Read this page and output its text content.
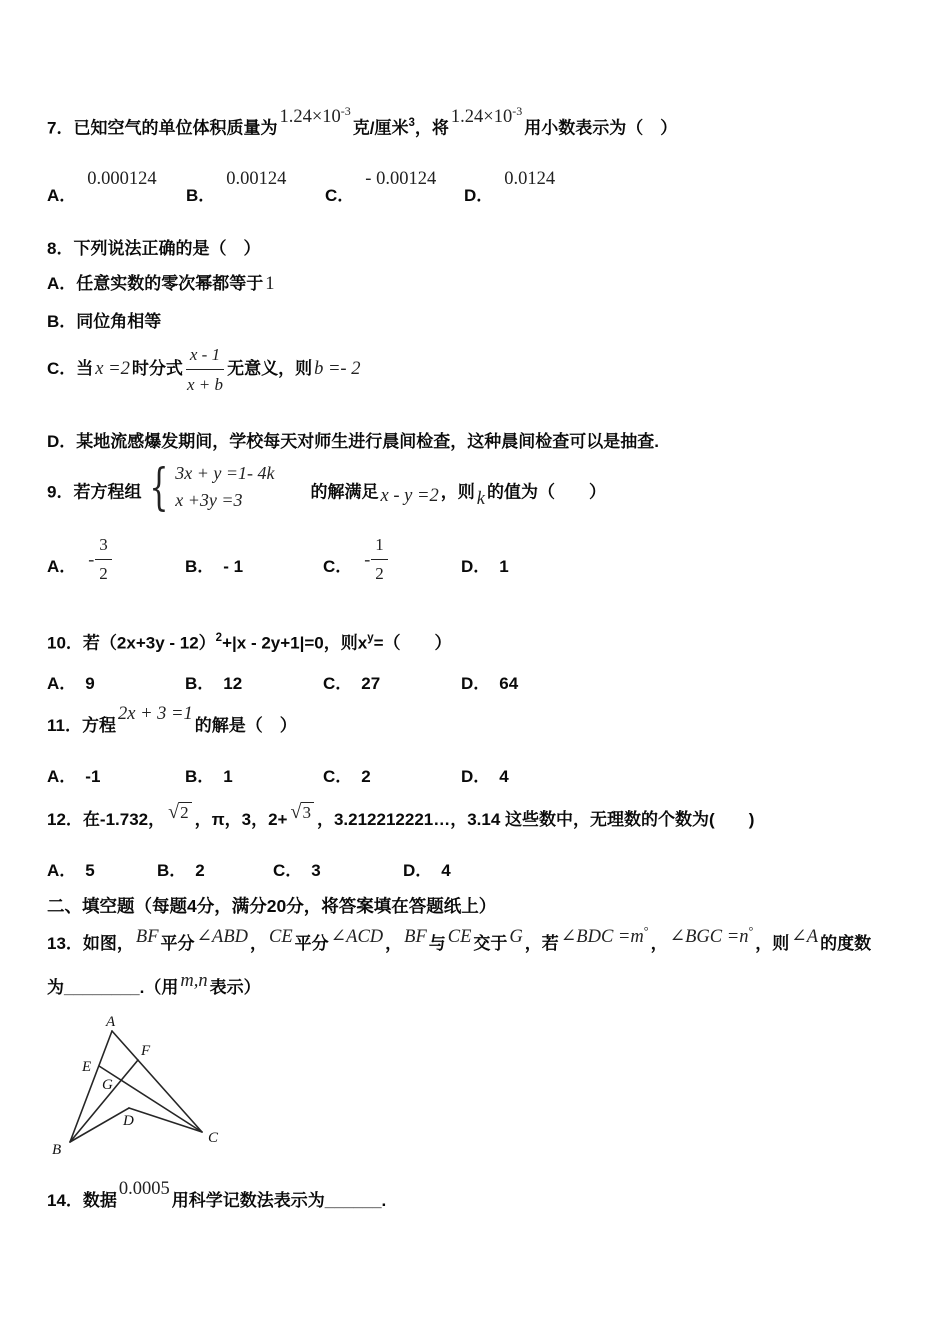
7．已知空气的单位体积质量为$1.24\times 10^{-3}$克/厘米$^3$，将$1.24\times 10^{-3}$用小数表示为（　）
A．0.000124
B．0.00124
C．- 0.00124
D．0.0124
8．下列说法正确的是（　）
A．任意实数的零次幂都等于 1
B．同位角相等
C．当 x =2 时分式 $\frac{x - 1}{x + b}$ 无意义，则 b =- 2
D．某地流感爆发期间，学校每天对师生进行晨间检查，这种晨间检查可以是抽查.
9．若方程组 { 3x + y =1- 4k
x +3y =3	　　的解满足 x - y =2 ，则 k 的值为（　　）
A． - $\frac{3}{2}$	B． - 1	C． - $\frac{1}{2}$	D． 1
10．若$(2x+3y - 12)^2+|x - 2y+1|=0$，则$x^y=$（　　）
A． 9	B． 12	C． 27	D． 64
11．方程2x + 3 =1的解是（　）
A． -1	B． 1	C． 2	D． 4
12．在-1.732， √2 ，π，3，2+ √3 ，3.212212221…，3.14 这些数中，无理数的个数为(　　)
A． 5	B． 2	C． 3	D． 4
二、填空题（每题4分，满分20分，将答案填在答题纸上）
13．如图， BF 平分 ∠ABD ， CE 平分 ∠ACD ， BF 与 CE 交于 G ，若 ∠BDC =m°， ∠BGC =n°，则 ∠A 的度数
为________.（用 m,n 表示）
A
E
F
G
D
B
C
14．数据0.0005用科学记数法表示为______.
